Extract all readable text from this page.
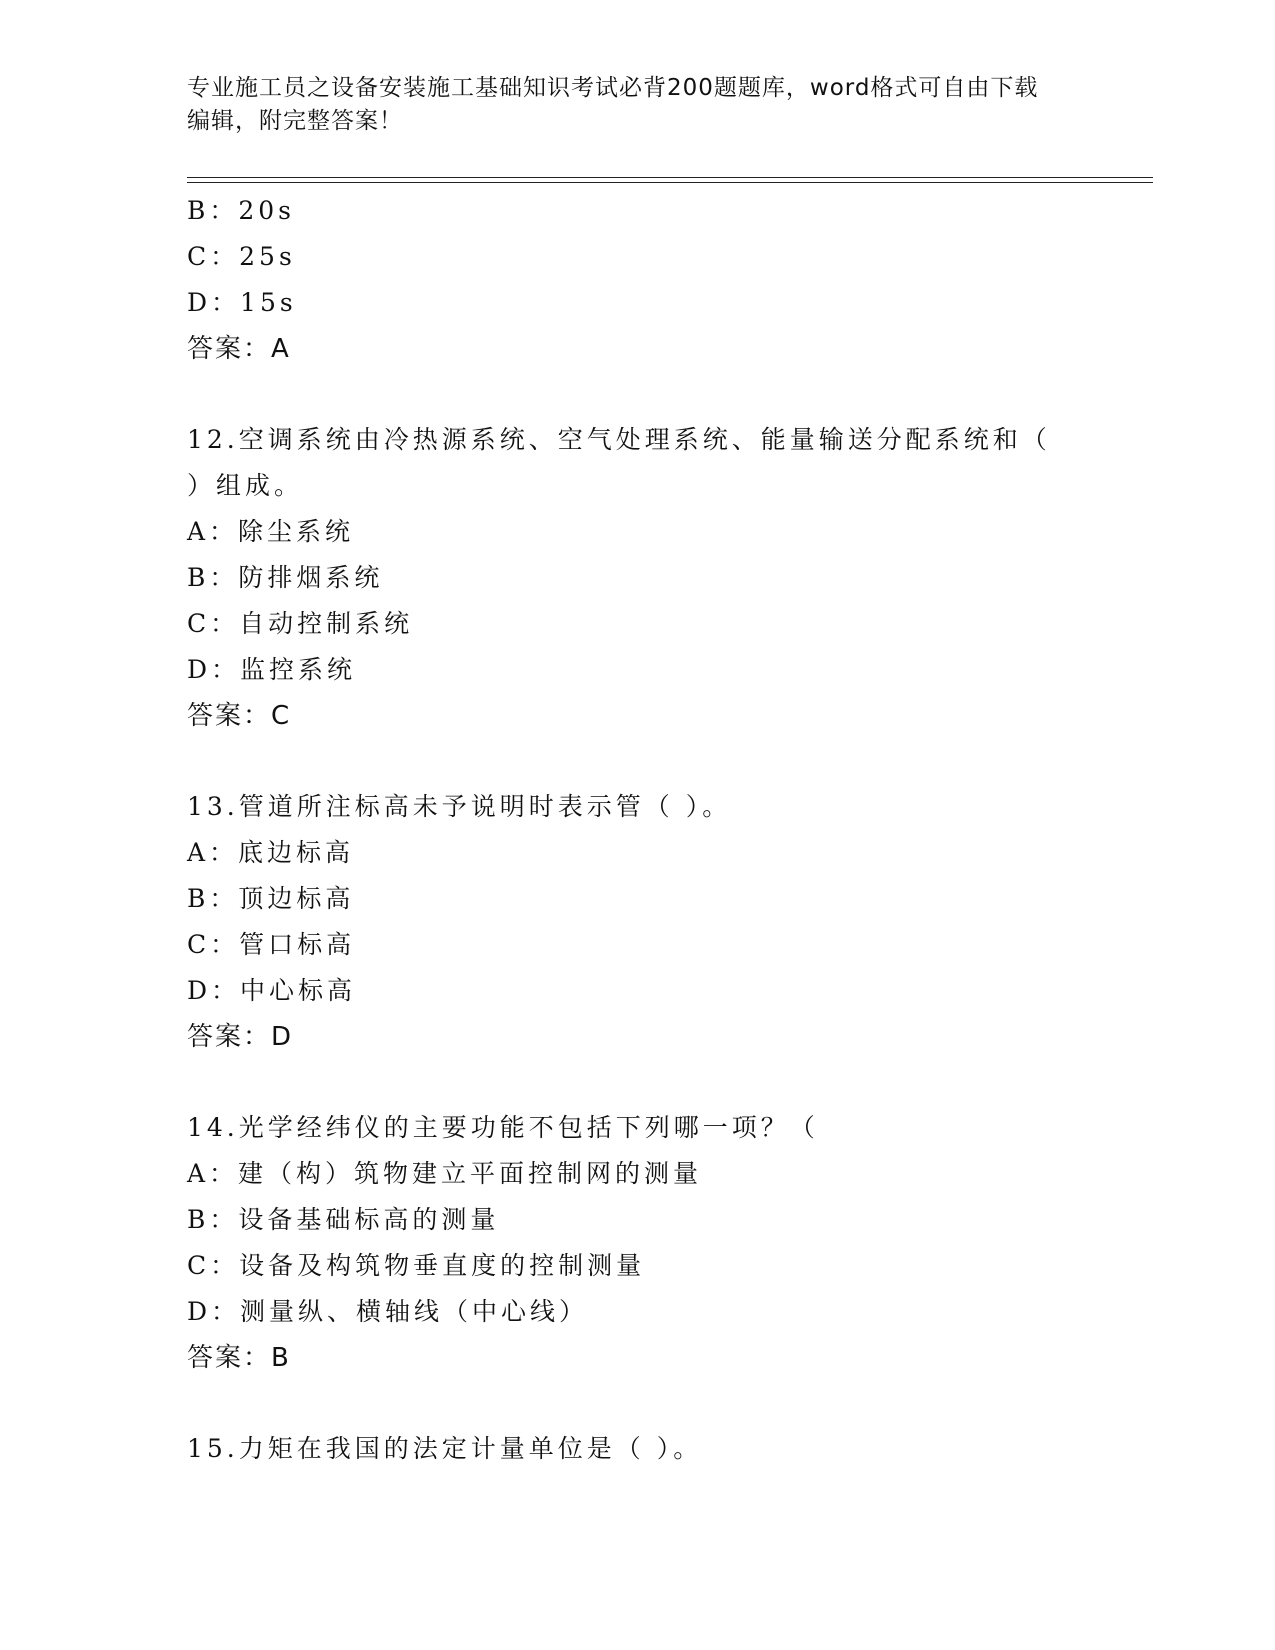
专业施工员之设备安装施工基础知识考试必背200题题库，word格式可自由下载
编辑，附完整答案！
B：20s
C：25s
D：15s
答案：A
12.空调系统由冷热源系统、空气处理系统、能量输送分配系统和（
）组成。
A：除尘系统
B：防排烟系统
C：自动控制系统
D：监控系统
答案：C
13.管道所注标高未予说明时表示管（ ）。
A：底边标高
B：顶边标高
C：管口标高
D：中心标高
答案：D
14.光学经纬仪的主要功能不包括下列哪一项？（
A：建（构）筑物建立平面控制网的测量
B：设备基础标高的测量
C：设备及构筑物垂直度的控制测量
D：测量纵、横轴线（中心线）
答案：B
15.力矩在我国的法定计量单位是（ ）。
